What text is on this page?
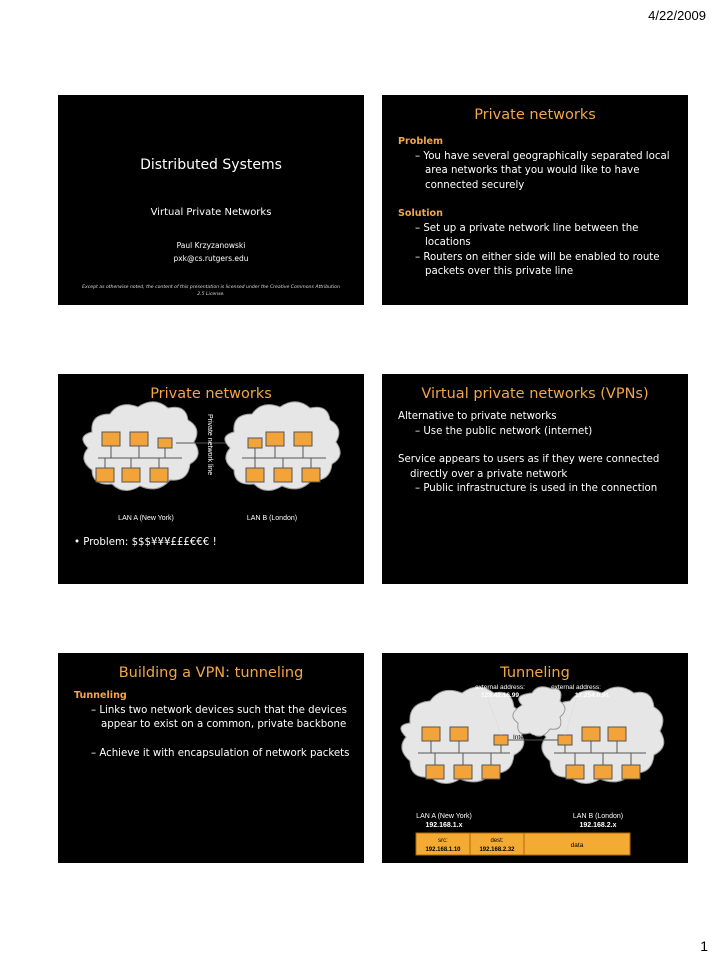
4/22/2009
Distributed Systems
Virtual Private Networks
Paul Krzyzanowski
pxk@cs.rutgers.edu
Except as otherwise noted, the content of this presentation is licensed under the Creative Commons Attribution 2.5 License.
Private networks
Problem
– You have several geographically separated local area networks that you would like to have connected securely
Solution
– Set up a private network line between the locations
– Routers on either side will be enabled to route packets over this private line
Private networks
Private network line
LAN A (New York)	LAN B (London)
• Problem: $$$¥¥¥£££€€€ !
Virtual private networks (VPNs)
Alternative to private networks
– Use the public network (internet)
Service appears to users as if they were connected directly over a private network
– Public infrastructure is used in the connection
Building a VPN: tunneling
Tunneling
– Links two network devices such that the devices appear to exist on a common, private backbone
– Achieve it with encapsulation of network packets
Tunneling
external address:
129.42.16.99
external address:
17.254.0.91
Internet
LAN A (New York)
192.168.1.x
LAN B (London)
192.168.2.x
src:
192.168.1.10
dest:
192.168.2.32
data
1
